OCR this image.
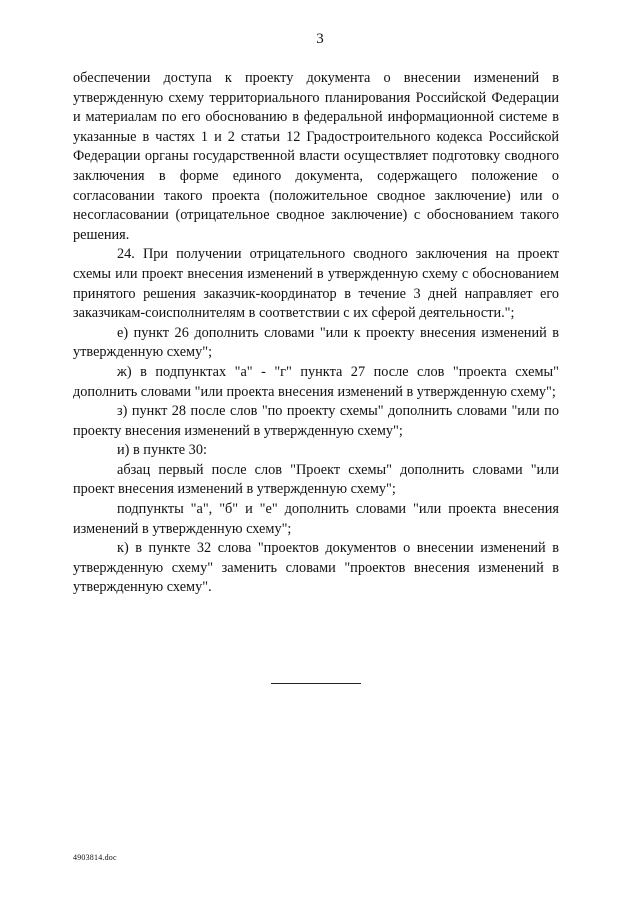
3

обеспечении доступа к проекту документа о внесении изменений в утвержденную схему территориального планирования Российской Федерации и материалам по его обоснованию в федеральной информационной системе в указанные в частях 1 и 2 статьи 12 Градостроительного кодекса Российской Федерации органы государственной власти осуществляет подготовку сводного заключения в форме единого документа, содержащего положение о согласовании такого проекта (положительное сводное заключение) или о несогласовании (отрицательное сводное заключение) с обоснованием такого решения.

24. При получении отрицательного сводного заключения на проект схемы или проект внесения изменений в утвержденную схему с обоснованием принятого решения заказчик-координатор в течение 3 дней направляет его заказчикам-соисполнителям в соответствии с их сферой деятельности.";

е) пункт 26 дополнить словами "или к проекту внесения изменений в утвержденную схему";

ж) в подпунктах "а" - "г" пункта 27 после слов "проекта схемы" дополнить словами "или проекта внесения изменений в утвержденную схему";

з) пункт 28 после слов "по проекту схемы" дополнить словами "или по проекту внесения изменений в утвержденную схему";

и) в пункте 30:

абзац первый после слов "Проект схемы" дополнить словами "или проект внесения изменений в утвержденную схему";

подпункты "а", "б" и "е" дополнить словами "или проекта внесения изменений в утвержденную схему";

к) в пункте 32 слова "проектов документов о внесении изменений в утвержденную схему" заменить словами "проектов внесения изменений в утвержденную схему".

4903814.doc
